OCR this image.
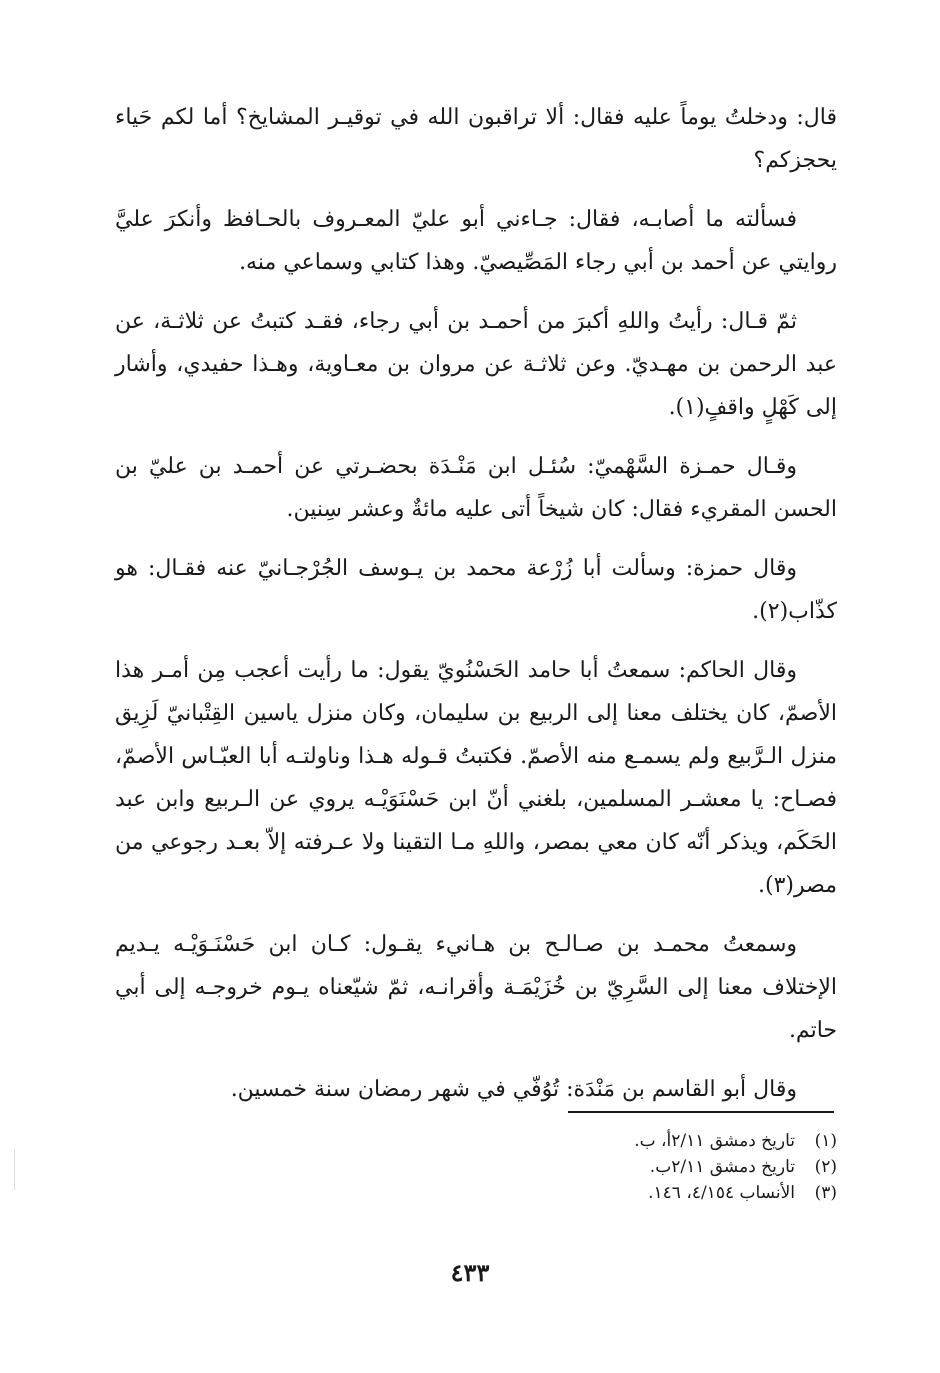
قال: ودخلتُ يوماً عليه فقال: ألا تراقبون الله في توقيـر المشايخ؟ أما لكم حَياء يحجزكم؟

فسألته ما أصابـه، فقال: جـاءني أبو عليّ المعـروف بالحـافظ وأنكرَ عليَّ روايتي عن أحمد بن أبي رجاء المَصِّيصيّ. وهذا كتابي وسماعي منه.

ثمّ قـال: رأيتُ واللهِ أكبرَ من أحمـد بن أبي رجاء، فقـد كتبتُ عن ثلاثـة، عن عبد الرحمن بن مهـديّ. وعن ثلاثـة عن مروان بن معـاوية، وهـذا حفيدي، وأشار إلى كَهْلٍ واقفٍ(١).

وقـال حمـزة السَّهْميّ: سُئـل ابن مَنْـدَة بحضـرتي عن أحمـد بن عليّ بن الحسن المقريء فقال: كان شيخاً أتى عليه مائةٌ وعشر سِنين.

وقال حمزة: وسألت أبا زُرْعة محمد بن يـوسف الجُرْجـانيّ عنه فقـال: هو كذّاب(٢).

وقال الحاكم: سمعتُ أبا حامد الحَسْنُويّ يقول: ما رأيت أعجب مِن أمـر هذا الأصمّ، كان يختلف معنا إلى الربيع بن سليمان، وكان منزل ياسين القِتْبانيّ لَزِيق منزل الـرَّبيع ولم يسمـع منه الأصمّ. فكتبتُ قـوله هـذا وناولتـه أبا العبّـاس الأصمّ، فصـاح: يا معشـر المسلمين، بلغني أنّ ابن حَسْنَوَيْـه يروي عن الـربيع وابن عبد الحَكَم، ويذكر أنّه كان معي بمصر، واللهِ مـا التقينا ولا عـرفته إلاّ بعـد رجوعي من مصر(٣).

وسمعتُ محمـد بن صـالـح بن هـانيء يقـول: كـان ابن حَسْنَـوَيْـه يـديم الإختلاف معنا إلى السَّرِيّ بن خُزَيْمَـة وأقرانـه، ثمّ شيّعناه يـوم خروجـه إلى أبي حاتم.

وقال أبو القاسم بن مَنْدَة: تُوُفّي في شهر رمضان سنة خمسين.

(١)
تاريخ دمشق ٢/١١أ، ب.
(٢)
تاريخ دمشق ٢/١١ب.
(٣)
الأنساب ٤/١٥٤، ١٤٦.
٤٣٣
